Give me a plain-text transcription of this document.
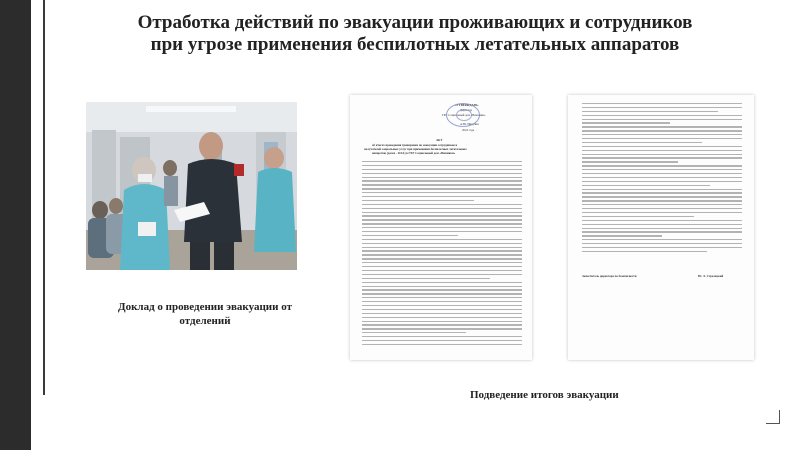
Отработка действий по эвакуации проживающих и сотрудников
при угрозе применения беспилотных летательных аппаратов
Доклад о проведении эвакуации от
отделений
«УТВЕРЖДАЮ»
Директор
ГБУ Социальный дом «Вешняки»
А.Ю. Никулин
2024 года
АКТ
об итогах проведения тренировки по эвакуации сотрудников и
получателей социальных услуг при применении беспилотных летательных
аппаратов (далее – БЛА) в ГБУ Социальный дом «Вешняки»
Заместитель директора по безопасности	Ю. Л. Стрелецкий
Подведение итогов эвакуации
